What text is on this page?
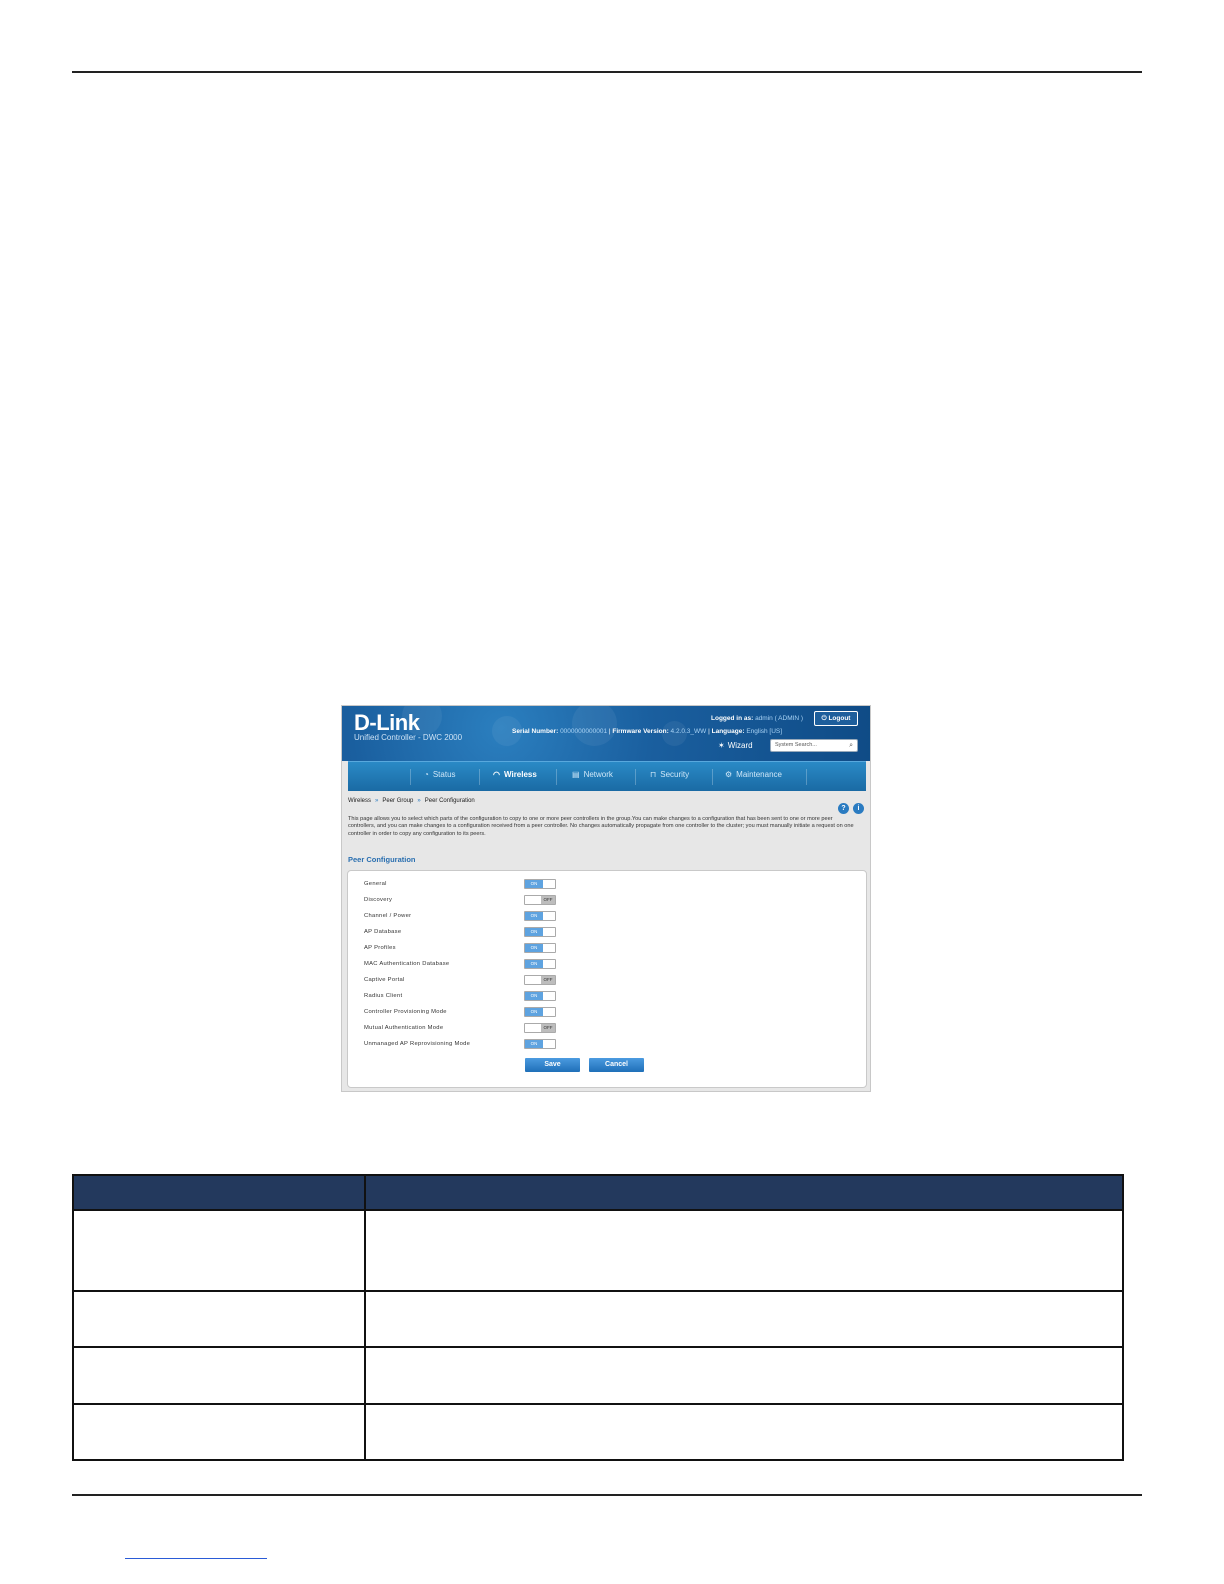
D-Link
Unified Controller - DWC 2000
Logged in as: admin ( ADMIN )	⏻ Logout
Serial Number: 0000000000001 | Firmware Version: 4.2.0.3_WW | Language: English [US]
✶ Wizard	System Search...	⌕
◔ Status	◠ Wireless	▤ Network	⊓ Security	⚙ Maintenance
Wireless » Peer Group » Peer Configuration
? i
This page allows you to select which parts of the configuration to copy to one or more peer controllers in the group.You can make changes to a configuration that has been sent to one or more peer controllers, and you can make changes to a configuration received from a peer controller. No changes automatically propagate from one controller to the cluster; you must manually initiate a request on one controller in order to copy any configuration to its peers.
Peer Configuration
General	ON
Discovery	OFF
Channel / Power	ON
AP Database	ON
AP Profiles	ON
MAC Authentication Database	ON
Captive Portal	OFF
Radius Client	ON
Controller Provisioning Mode	ON
Mutual Authentication Mode	OFF
Unmanaged AP Reprovisioning Mode	ON
Save	Cancel
